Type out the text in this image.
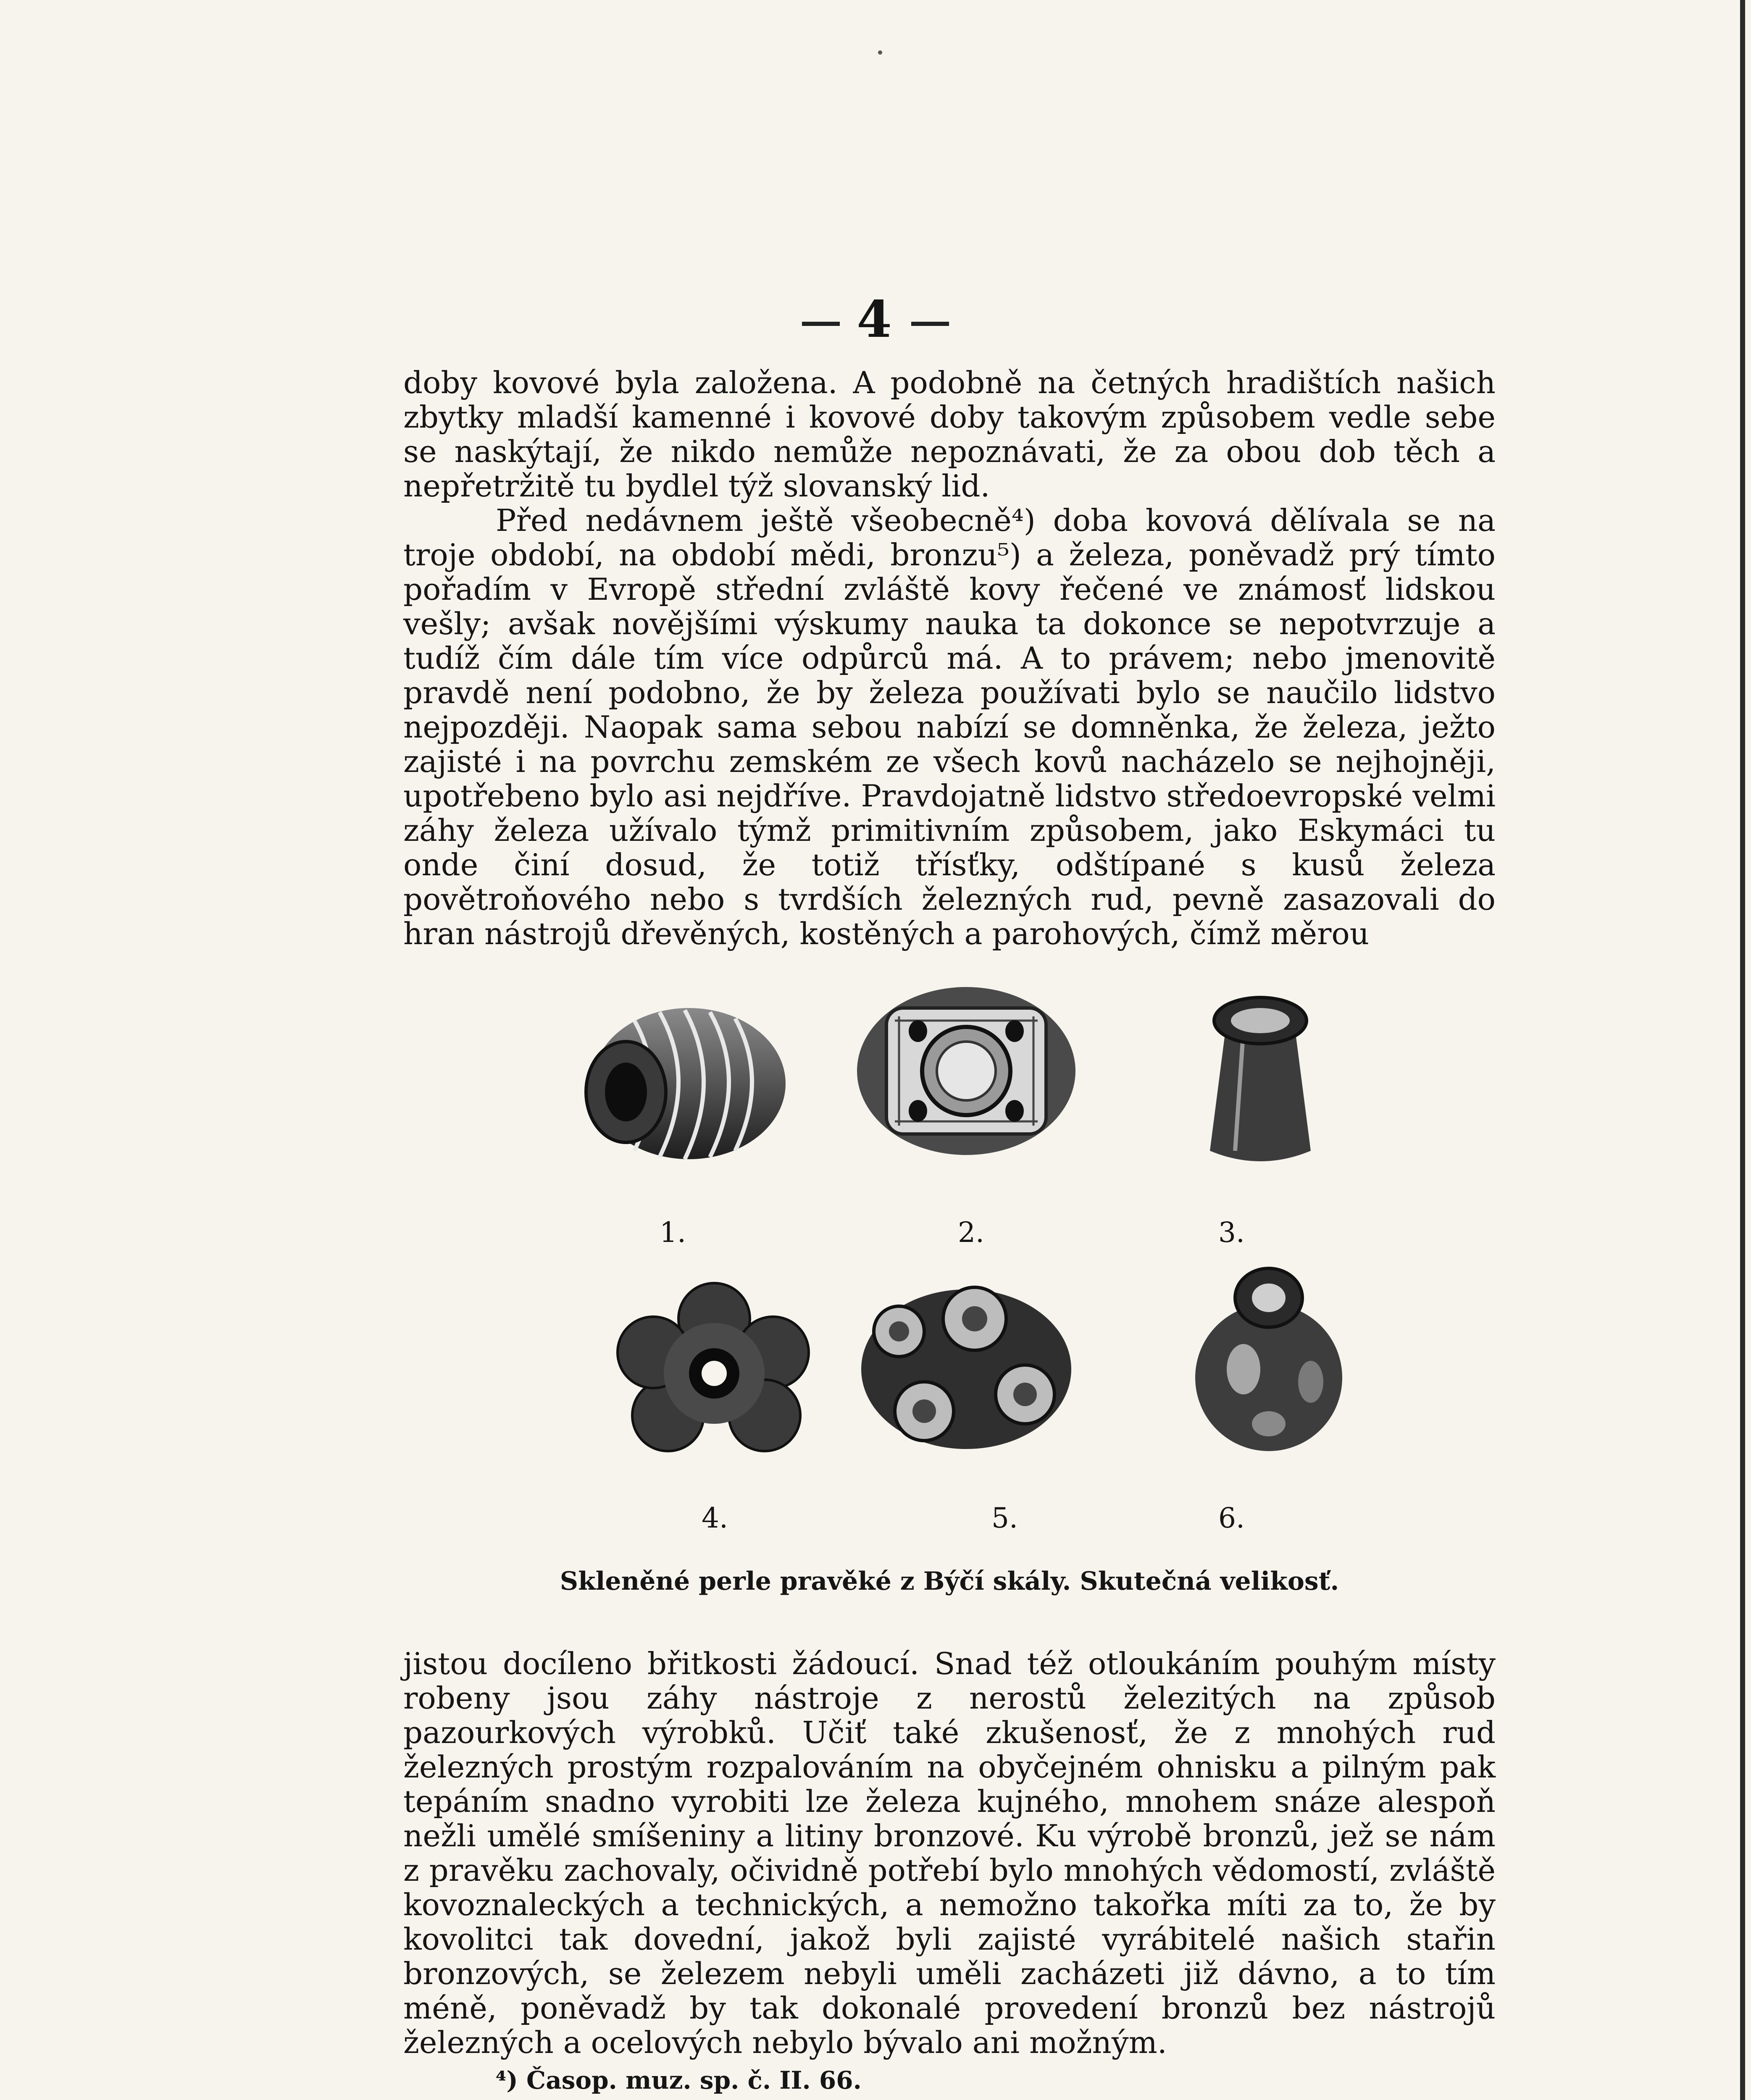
4

doby kovové byla založena. A podobně na četných hradištích našich zbytky mladší kamenné i kovové doby takovým způsobem vedle sebe se naskýtají, že nikdo nemůže nepoznávati, že za obou dob těch a nepřetržitě tu bydlel týž slovanský lid.

Před nedávnem ještě všeobecně⁴) doba kovová dělívala se na troje období, na období mědi, bronzu⁵) a železa, poněvadž prý tímto pořadím v Evropě střední zvláště kovy řečené ve známosť lidskou vešly; avšak novějšími výskumy nauka ta dokonce se nepotvrzuje a tudíž čím dále tím více odpůrců má. A to právem; nebo jmenovitě pravdě není podobno, že by železa používati bylo se naučilo lidstvo nejpozději. Naopak sama sebou nabízí se domněnka, že železa, ježto zajisté i na povrchu zemském ze všech kovů nacházelo se nejhojněji, upotřebeno bylo asi nejdříve. Pravdojatně lidstvo středoevropské velmi záhy železa užívalo týmž primitivním způsobem, jako Eskymáci tu onde činí dosud, že totiž třísťky, odštípané s kusů železa povětroňového nebo s tvrdších železných rud, pevně zasazovali do hran nástrojů dřevěných, kostěných a parohových, čímž měrou

1.	2.	3.
4.	5.	6.
Skleněné perle pravěké z Býčí skály. Skutečná velikosť.

jistou docíleno břitkosti žádoucí. Snad též otloukáním pouhým místy robeny jsou záhy nástroje z nerostů železitých na způsob pazourkových výrobků. Učiť také zkušenosť, že z mnohých rud železných prostým rozpalováním na obyčejném ohnisku a pilným pak tepáním snadno vyrobiti lze železa kujného, mnohem snáze alespoň nežli umělé smíšeniny a litiny bronzové. Ku výrobě bronzů, jež se nám z pravěku zachovaly, očividně potřebí bylo mnohých vědomostí, zvláště kovoznaleckých a technických, a nemožno takořka míti za to, že by kovolitci tak dovední, jakož byli zajisté vyrábitelé našich stařin bronzových, se železem nebyli uměli zacházeti již dávno, a to tím méně, poněvadž by tak dokonalé provedení bronzů bez nástrojů železných a ocelových nebylo bývalo ani možným.

⁴) Časop. muz. sp. č. II. 66.
